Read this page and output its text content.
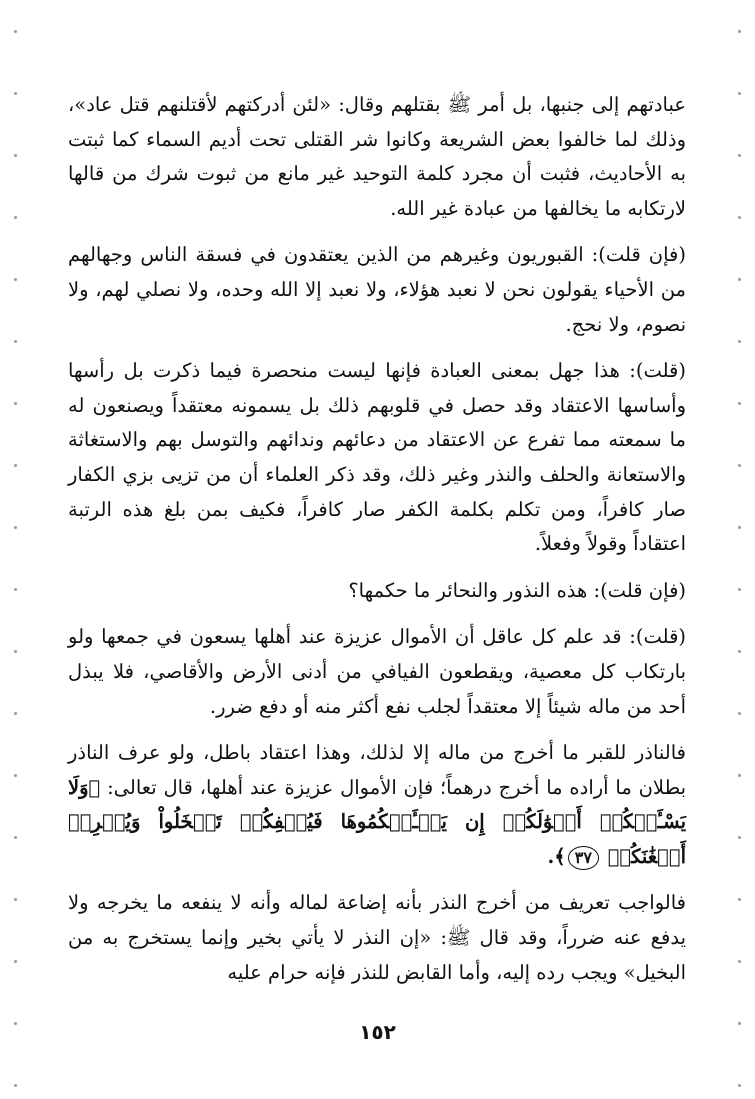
عبادتهم إلى جنبها، بل أمر ﷺ بقتلهم وقال: «لئن أدركتهم لأقتلنهم قتل عاد»، وذلك لما خالفوا بعض الشريعة وكانوا شر القتلى تحت أديم السماء كما ثبتت به الأحاديث، فثبت أن مجرد كلمة التوحيد غير مانع من ثبوت شرك من قالها لارتكابه ما يخالفها من عبادة غير الله.

(فإن قلت): القبوريون وغيرهم من الذين يعتقدون في فسقة الناس وجهالهم من الأحياء يقولون نحن لا نعبد هؤلاء، ولا نعبد إلا الله وحده، ولا نصلي لهم، ولا نصوم، ولا نحج.

(قلت): هذا جهل بمعنى العبادة فإنها ليست منحصرة فيما ذكرت بل رأسها وأساسها الاعتقاد وقد حصل في قلوبهم ذلك بل يسمونه معتقداً ويصنعون له ما سمعته مما تفرع عن الاعتقاد من دعائهم وندائهم والتوسل بهم والاستغاثة والاستعانة والحلف والنذر وغير ذلك، وقد ذكر العلماء أن من تزيى بزي الكفار صار كافراً، ومن تكلم بكلمة الكفر صار كافراً، فكيف بمن بلغ هذه الرتبة اعتقاداً وقولاً وفعلاً.

(فإن قلت): هذه النذور والنحائر ما حكمها؟

(قلت): قد علم كل عاقل أن الأموال عزيزة عند أهلها يسعون في جمعها ولو بارتكاب كل معصية، ويقطعون الفيافي من أدنى الأرض والأقاصي، فلا يبذل أحد من ماله شيئاً إلا معتقداً لجلب نفع أكثر منه أو دفع ضرر.

فالناذر للقبر ما أخرج من ماله إلا لذلك، وهذا اعتقاد باطل، ولو عرف الناذر بطلان ما أراده ما أخرج درهماً؛ فإن الأموال عزيزة عند أهلها، قال تعالى: ﴿وَلَا يَسْـَٔلۡكُمۡ أَمۡوَٰلَكُمۡ إِن يَسۡـَٔلۡكُمُوهَا فَيُحۡفِكُمۡ تَبۡخَلُواْ وَيُخۡرِجۡ أَضۡغَٰنَكُمۡ ٣٧﴾.

فالواجب تعريف من أخرج النذر بأنه إضاعة لماله وأنه لا ينفعه ما يخرجه ولا يدفع عنه ضرراً، وقد قال ﷺ: «إن النذر لا يأتي بخير وإنما يستخرج به من البخيل» ويجب رده إليه، وأما القابض للنذر فإنه حرام عليه

١٥٢
